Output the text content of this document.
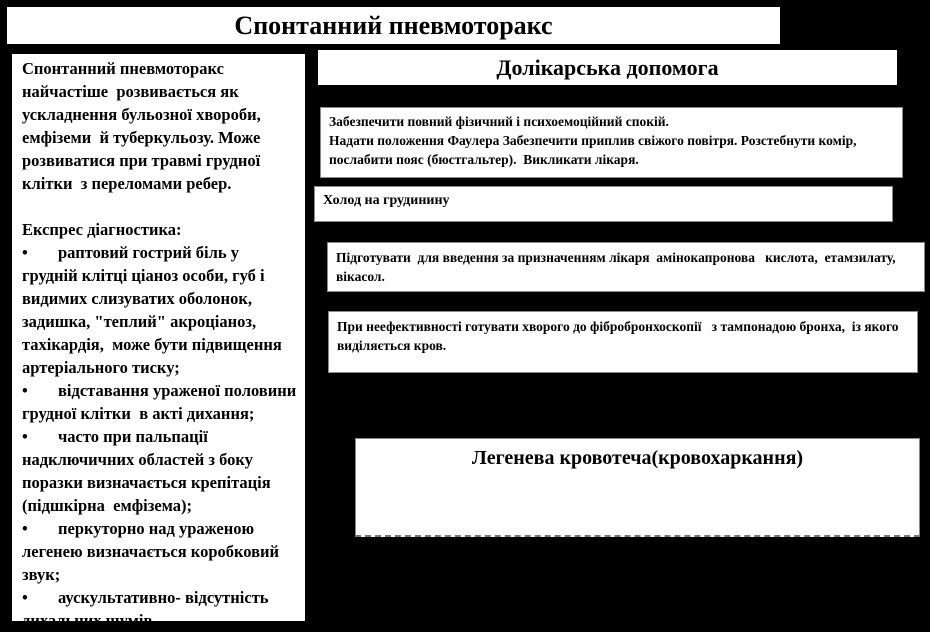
Спонтанний пневмоторакс

Спонтанний пневмоторакс найчастіше  розвивається як ускладнення бульозної хвороби, емфіземи  й туберкульозу. Може розвиватися при травмі грудної клітки  з переломами ребер.

Експрес діагностика:

• раптовий гострий біль у грудній клітці ціаноз особи, губ і видимих слизуватих оболонок, задишка, "теплий" акроціаноз, тахікардія,  може бути підвищення артеріального тиску;

• відставання ураженої половини грудної клітки  в акті дихання;

• часто при пальпації надключичних областей з боку поразки визначається крепітація (підшкірна  емфізема);

• перкуторно над ураженою легенею визначається коробковий звук;

• аускультативно- відсутність дихальних шумів.

Долікарська допомога
Забезпечити повний фізичний і психоемоційний спокій.
Надати положення Фаулера Забезпечити приплив свіжого повітря. Розстебнути комір,  послабити пояс (бюстгальтер).  Викликати лікаря.
Холод на грудинину
Підготувати  для введення за призначенням лікаря  амінокапронова   кислота,  етамзилату, вікасол.
При неефективності готувати хворого до фібробронхоскопії   з тампонадою бронха,  із якого виділяється кров.
Легенева кровотеча(кровохаркання)
